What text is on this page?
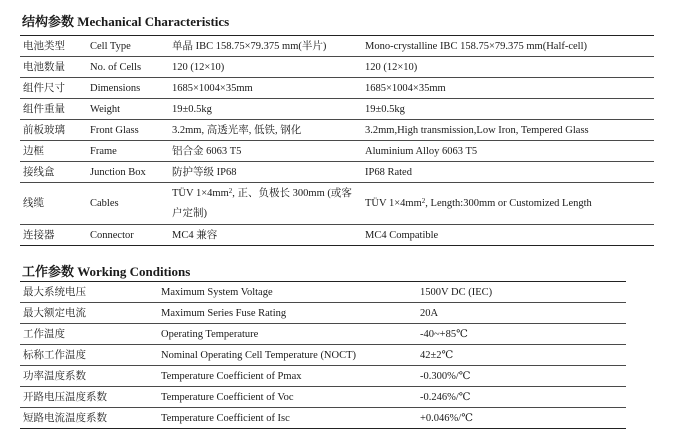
结构参数 Mechanical Characteristics
电池类型	Cell Type	单晶 IBC 158.75×79.375 mm(半片)	Mono-crystalline IBC 158.75×79.375 mm(Half-cell)
电池数量	No. of Cells	120 (12×10)	120 (12×10)
组件尺寸	Dimensions	1685×1004×35mm	1685×1004×35mm
组件重量	Weight	19±0.5kg	19±0.5kg
前板玻璃	Front Glass	3.2mm, 高透光率, 低铁, 钢化	3.2mm,High transmission,Low Iron, Tempered Glass
边框	Frame	铝合金 6063 T5	Aluminium Alloy 6063 T5
接线盒	Junction Box	防护等级 IP68	IP68 Rated
线缆	Cables	TÜV $1\times 4mm^2$, 正、负极长 300mm (或客户定制)	TÜV $1\times 4mm^2$, Length:300mm or Customized Length
连接器	Connector	MC4 兼容	MC4 Compatible
工作参数 Working Conditions
最大系统电压	Maximum System Voltage	1500V DC (IEC)
最大额定电流	Maximum Series Fuse Rating	20A
工作温度	Operating Temperature	-40~+85℃
标称工作温度	Nominal Operating Cell Temperature (NOCT)	42±2℃
功率温度系数	Temperature Coefficient of Pmax	-0.300%/℃
开路电压温度系数	Temperature Coefficient of Voc	-0.246%/℃
短路电流温度系数	Temperature Coefficient of Isc	+0.046%/℃
